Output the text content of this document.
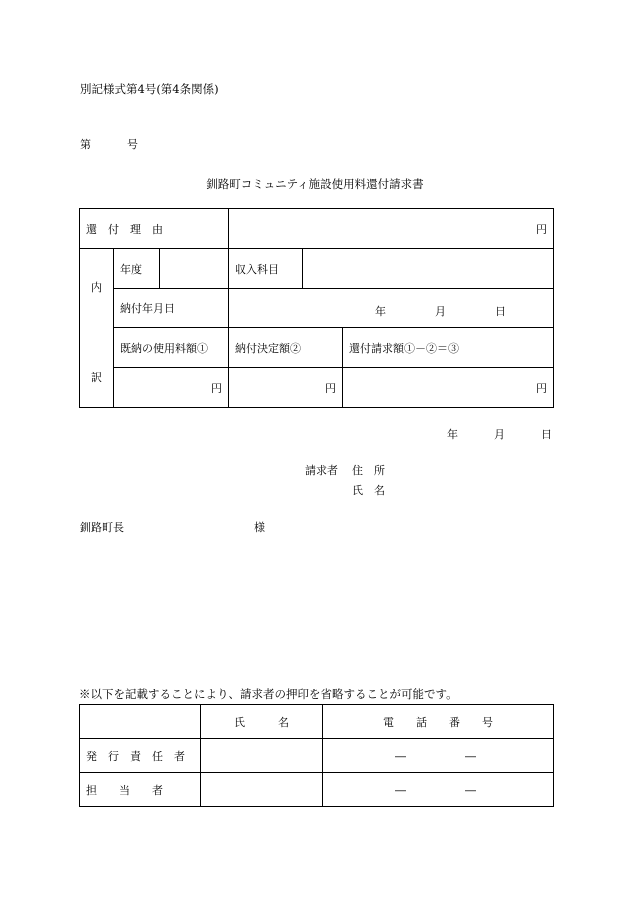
別記様式第4号(第4条関係)
第	号
釧路町コミュニティ施設使用料還付請求書
還　付　理　由			円		

内
訳	年度		収入科目		
	納付年月日		年 月 日		

	既納の使用料額①		納付決定額②		還付請求額①－②＝③
	円		円		円
年	月	日
請求者 住　所
氏　名
釧路町長	様
※以下を記載することにより、請求者の押印を省略することが可能です。
	氏　　　名	電　　話　　番　　号
発　行　責　任　者		― ―

担　　当　　者		― ―
